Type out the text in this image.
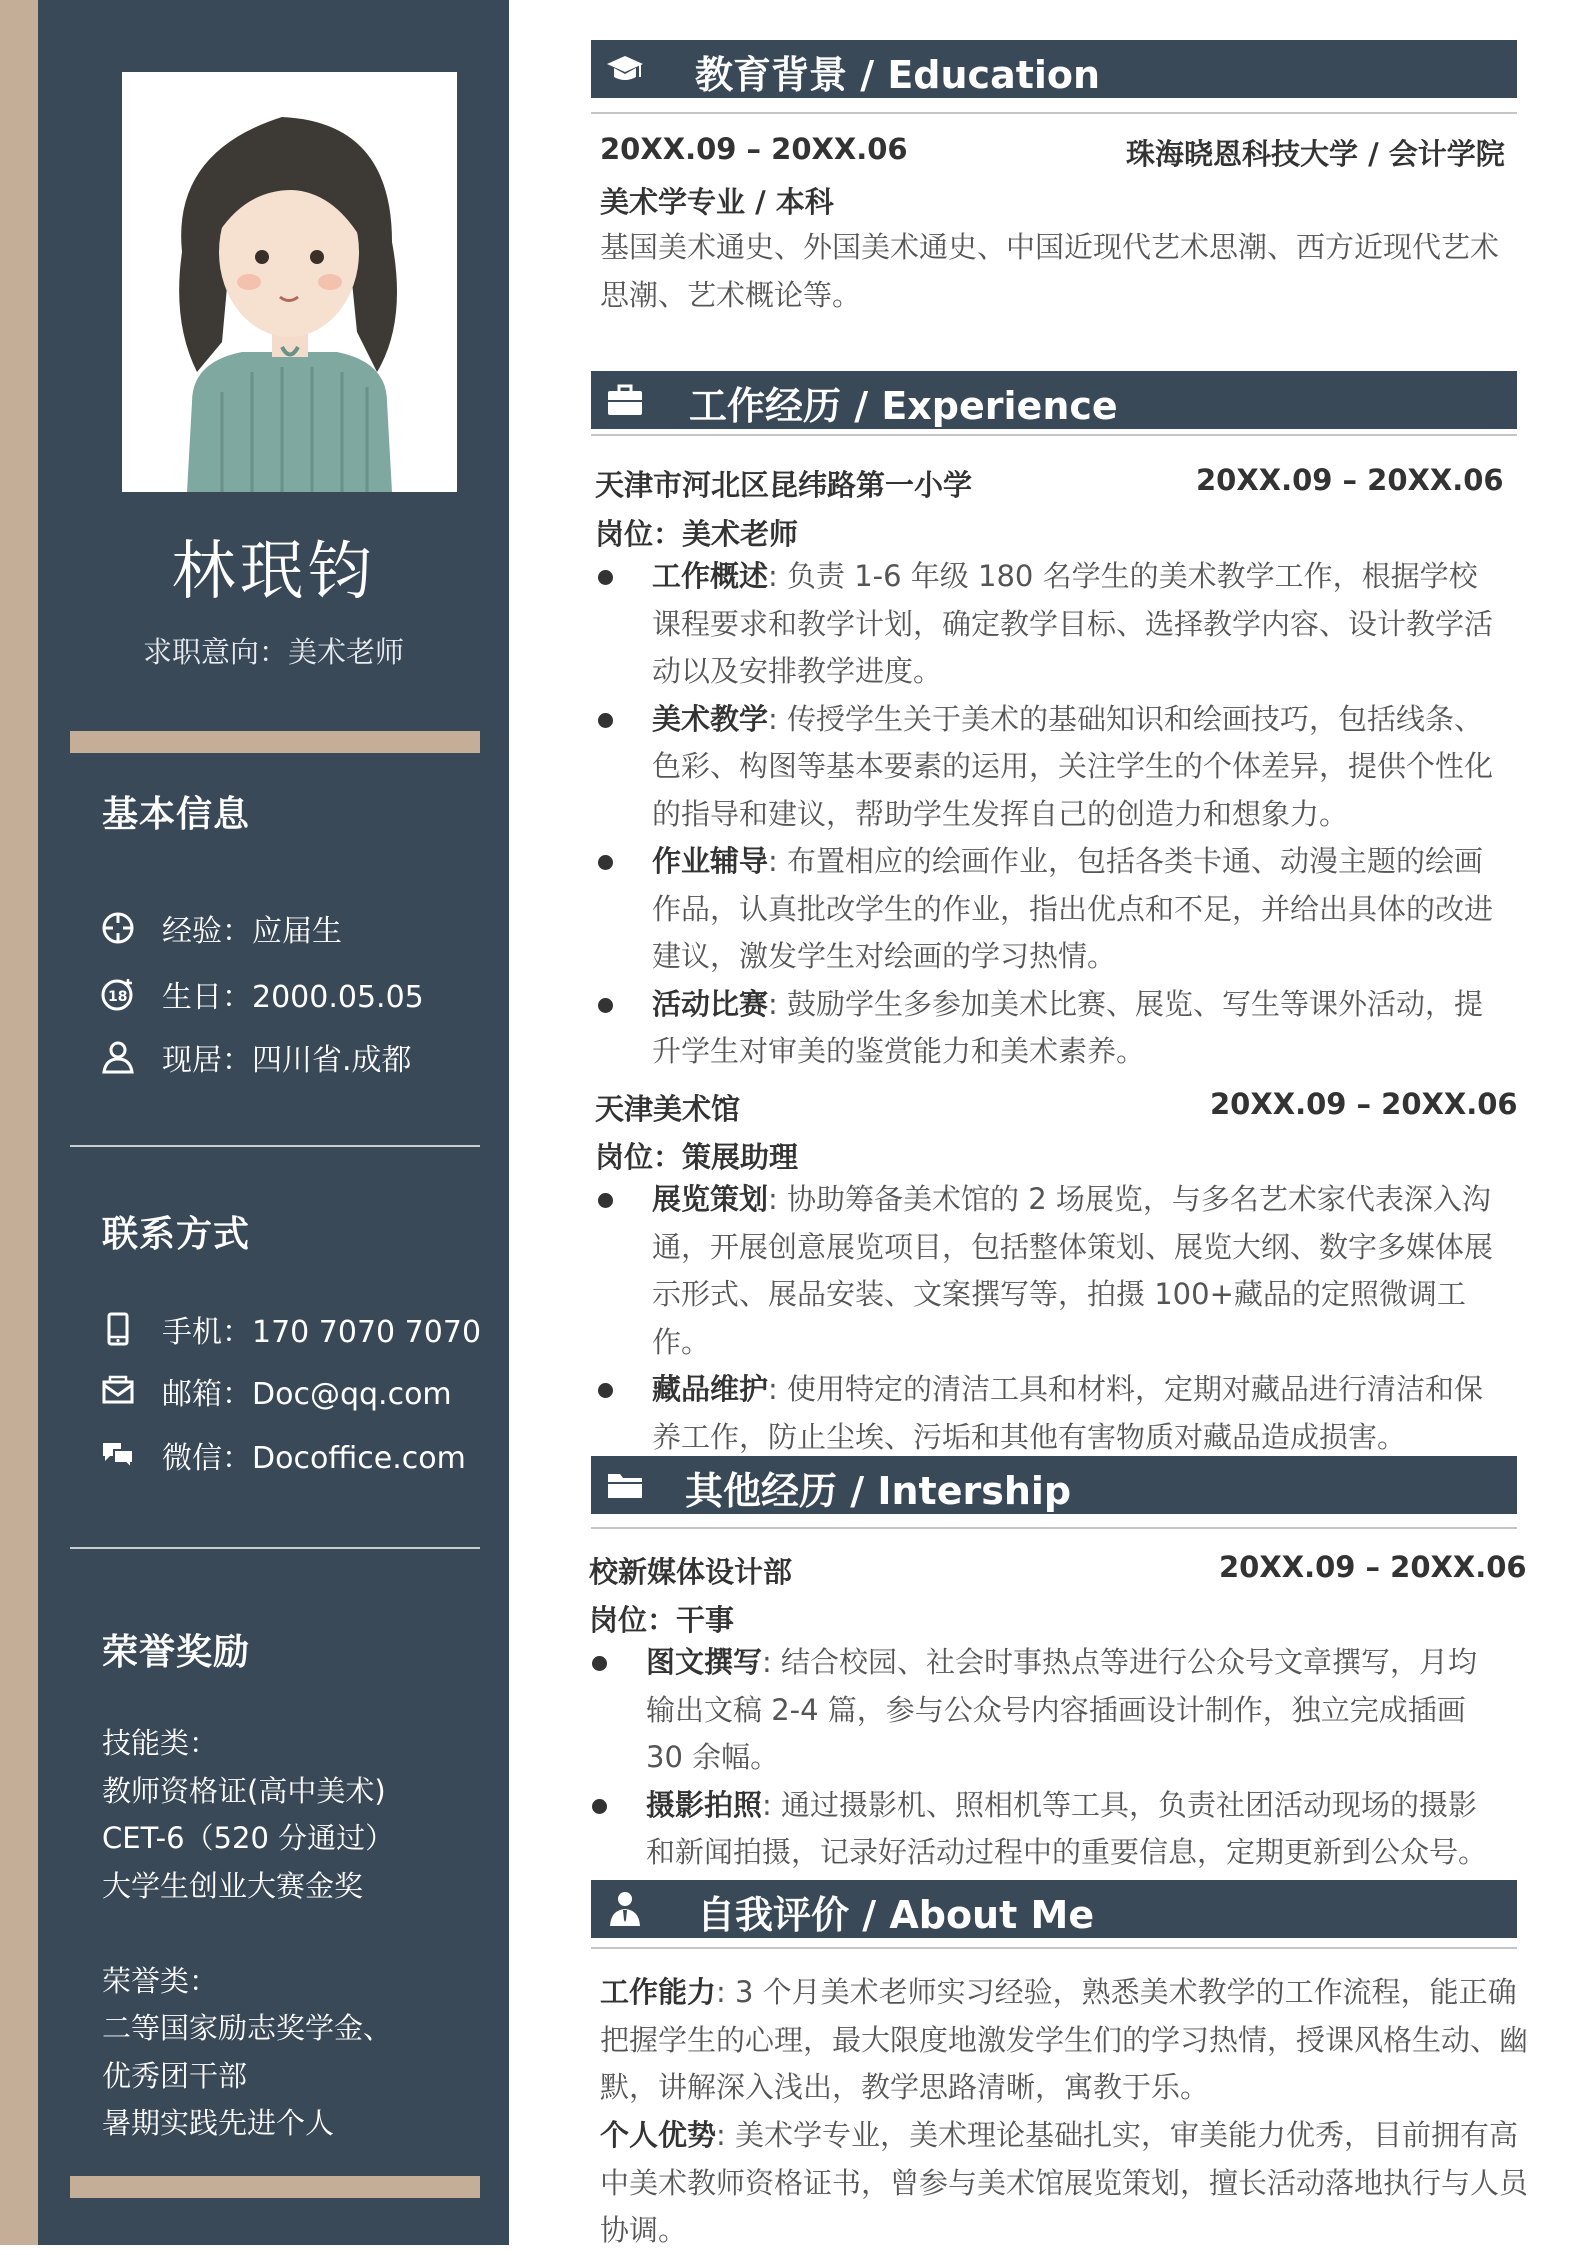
林珉钧
求职意向：美术老师
基本信息
经验：应届生
18 生日：2000.05.05
现居：四川省.成都
联系方式
手机：170 7070 7070
邮箱：Doc@qq.com
微信：Docoffice.com
荣誉奖励
技能类：
教师资格证(高中美术)
CET-6（520 分通过）
大学生创业大赛金奖
荣誉类：
二等国家励志奖学金、
优秀团干部
暑期实践先进个人
教育背景 / Education
20XX.09 – 20XX.06	珠海晓恩科技大学 / 会计学院
美术学专业 / 本科
基国美术通史、外国美术通史、中国近现代艺术思潮、西方近现代艺术思潮、艺术概论等。
工作经历 / Experience
天津市河北区昆纬路第一小学	20XX.09 – 20XX.06
岗位：美术老师
工作概述: 负责 1-6 年级 180 名学生的美术教学工作，根据学校课程要求和教学计划，确定教学目标、选择教学内容、设计教学活动以及安排教学进度。
美术教学: 传授学生关于美术的基础知识和绘画技巧，包括线条、色彩、构图等基本要素的运用，关注学生的个体差异，提供个性化的指导和建议，帮助学生发挥自己的创造力和想象力。
作业辅导: 布置相应的绘画作业，包括各类卡通、动漫主题的绘画作品，认真批改学生的作业，指出优点和不足，并给出具体的改进建议，激发学生对绘画的学习热情。
活动比赛: 鼓励学生多参加美术比赛、展览、写生等课外活动，提升学生对审美的鉴赏能力和美术素养。
天津美术馆	20XX.09 – 20XX.06
岗位：策展助理
展览策划: 协助筹备美术馆的 2 场展览，与多名艺术家代表深入沟通，开展创意展览项目，包括整体策划、展览大纲、数字多媒体展示形式、展品安装、文案撰写等，拍摄 100+藏品的定照微调工作。
藏品维护: 使用特定的清洁工具和材料，定期对藏品进行清洁和保养工作，防止尘埃、污垢和其他有害物质对藏品造成损害。
其他经历 / Intership
校新媒体设计部	20XX.09 – 20XX.06
岗位：干事
图文撰写: 结合校园、社会时事热点等进行公众号文章撰写，月均输出文稿 2-4 篇，参与公众号内容插画设计制作，独立完成插画 30 余幅。
摄影拍照: 通过摄影机、照相机等工具，负责社团活动现场的摄影和新闻拍摄，记录好活动过程中的重要信息，定期更新到公众号。
自我评价 / About Me
工作能力: 3 个月美术老师实习经验，熟悉美术教学的工作流程，能正确把握学生的心理，最大限度地激发学生们的学习热情，授课风格生动、幽默，讲解深入浅出，教学思路清晰，寓教于乐。
个人优势: 美术学专业，美术理论基础扎实，审美能力优秀，目前拥有高中美术教师资格证书，曾参与美术馆展览策划，擅长活动落地执行与人员协调。
